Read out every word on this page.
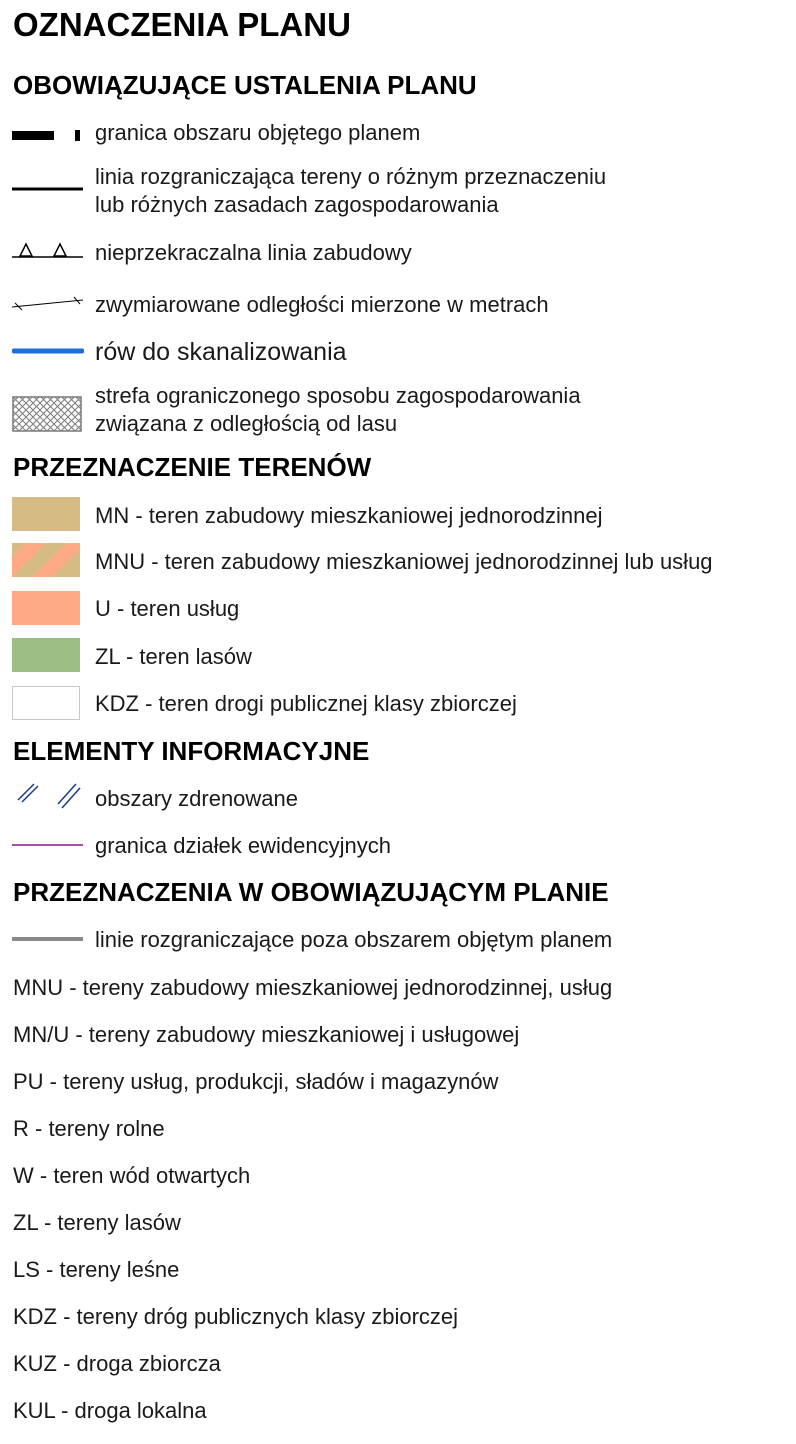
OZNACZENIA PLANU
OBOWIĄZUJĄCE USTALENIA PLANU
granica obszaru objętego planem
linia rozgraniczająca tereny o różnym przeznaczeniu
lub różnych zasadach zagospodarowania
nieprzekraczalna linia zabudowy
zwymiarowane odległości mierzone w metrach
rów do skanalizowania
strefa ograniczonego sposobu zagospodarowania
związana z odległością od lasu
PRZEZNACZENIE TERENÓW
MN - teren zabudowy mieszkaniowej jednorodzinnej
MNU - teren zabudowy mieszkaniowej jednorodzinnej lub usług
U - teren usług
ZL - teren lasów
KDZ - teren drogi publicznej klasy zbiorczej
ELEMENTY INFORMACYJNE
obszary zdrenowane
granica działek ewidencyjnych
PRZEZNACZENIA W OBOWIĄZUJĄCYM PLANIE
linie rozgraniczające poza obszarem objętym planem
MNU - tereny zabudowy mieszkaniowej jednorodzinnej, usług
MN/U - tereny zabudowy mieszkaniowej i usługowej
PU - tereny usług, produkcji, sładów i magazynów
R - tereny rolne
W - teren wód otwartych
ZL - tereny lasów
LS - tereny leśne
KDZ - tereny dróg publicznych klasy zbiorczej
KUZ - droga zbiorcza
KUL - droga lokalna
